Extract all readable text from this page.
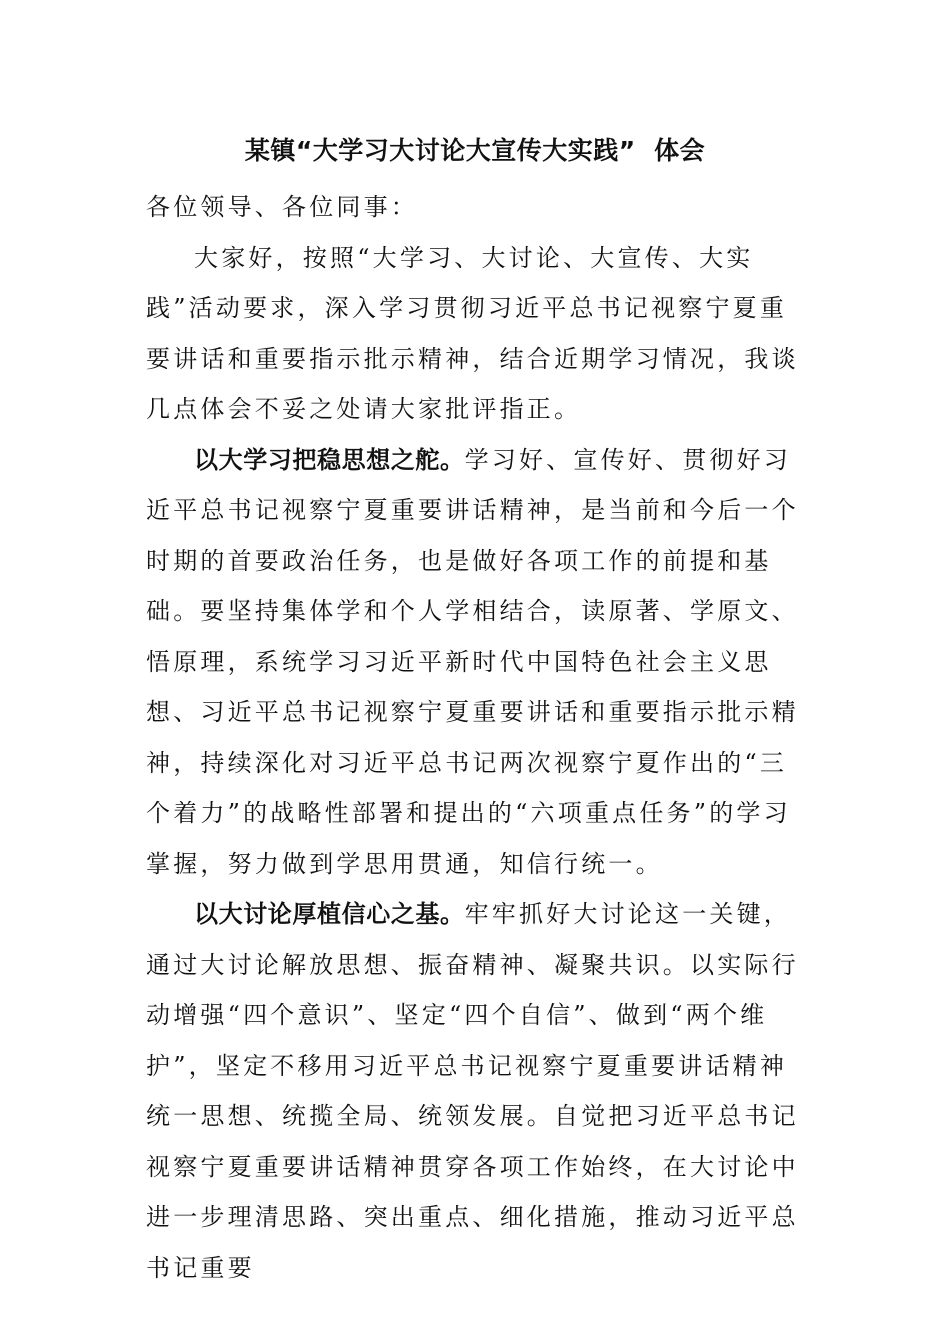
某镇“大学习大讨论大宣传大实践”  体会

各位领导、各位同事：

大家好，按照“大学习、大讨论、大宣传、大实践”活动要求，深入学习贯彻习近平总书记视察宁夏重要讲话和重要指示批示精神，结合近期学习情况，我谈几点体会不妥之处请大家批评指正。

以大学习把稳思想之舵。学习好、宣传好、贯彻好习近平总书记视察宁夏重要讲话精神，是当前和今后一个时期的首要政治任务，也是做好各项工作的前提和基础。要坚持集体学和个人学相结合，读原著、学原文、悟原理，系统学习习近平新时代中国特色社会主义思想、习近平总书记视察宁夏重要讲话和重要指示批示精神，持续深化对习近平总书记两次视察宁夏作出的“三个着力”的战略性部署和提出的“六项重点任务”的学习掌握，努力做到学思用贯通，知信行统一。

以大讨论厚植信心之基。牢牢抓好大讨论这一关键，通过大讨论解放思想、振奋精神、凝聚共识。以实际行动增强“四个意识”、坚定“四个自信”、做到“两个维护”，坚定不移用习近平总书记视察宁夏重要讲话精神统一思想、统揽全局、统领发展。自觉把习近平总书记视察宁夏重要讲话精神贯穿各项工作始终，在大讨论中进一步理清思路、突出重点、细化措施，推动习近平总书记重要
